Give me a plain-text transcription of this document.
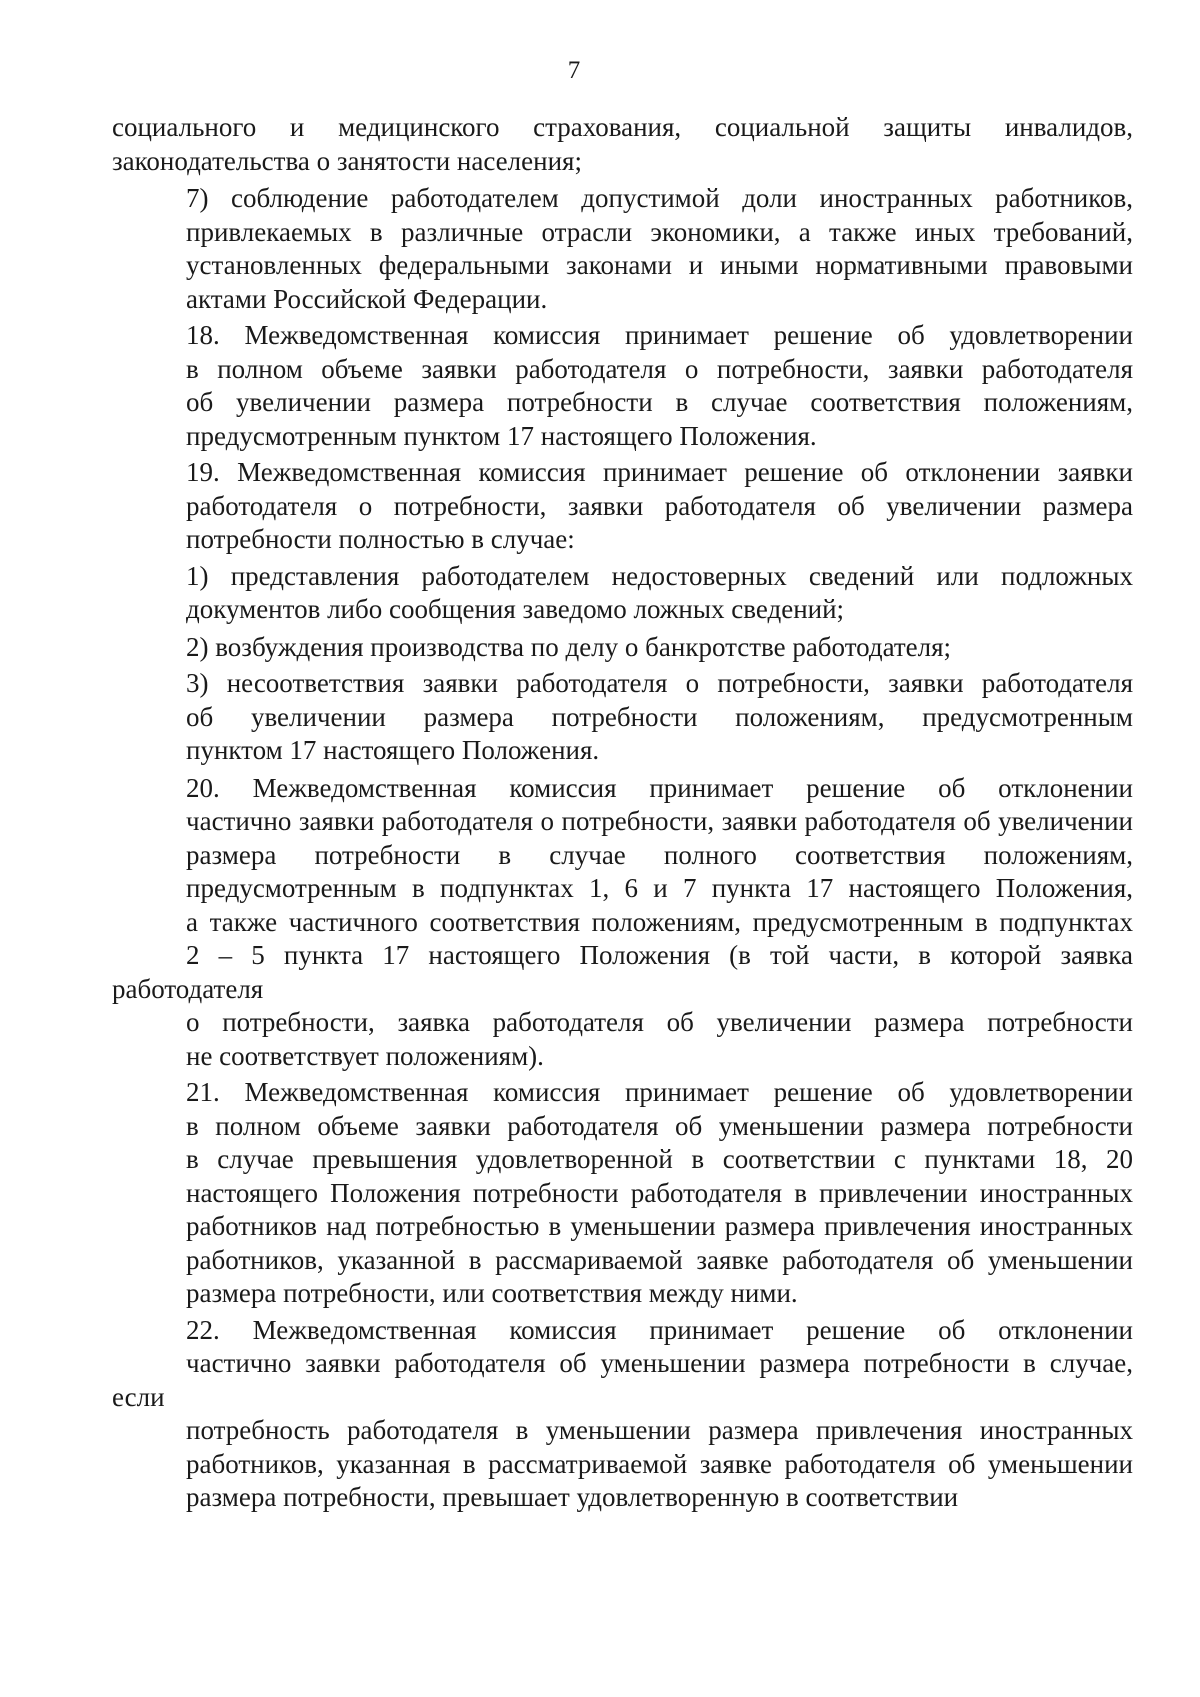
7

социального и медицинского страхования, социальной защиты инвалидов,
законодательства о занятости населения;

7) соблюдение работодателем допустимой доли иностранных работников,
привлекаемых в различные отрасли экономики, а также иных требований,
установленных федеральными законами и иными нормативными правовыми
актами Российской Федерации.

18. Межведомственная комиссия принимает решение об удовлетворении
в полном объеме заявки работодателя о потребности, заявки работодателя
об увеличении размера потребности в случае соответствия положениям,
предусмотренным пунктом 17 настоящего Положения.

19. Межведомственная комиссия принимает решение об отклонении заявки
работодателя о потребности, заявки работодателя об увеличении размера
потребности полностью в случае:

1) представления работодателем недостоверных сведений или подложных
документов либо сообщения заведомо ложных сведений;

2) возбуждения производства по делу о банкротстве работодателя;

3) несоответствия заявки работодателя о потребности, заявки работодателя
об увеличении размера потребности положениям, предусмотренным
пунктом 17 настоящего Положения.

20. Межведомственная комиссия принимает решение об отклонении
частично заявки работодателя о потребности, заявки работодателя об увеличении
размера потребности в случае полного соответствия положениям,
предусмотренным в подпунктах 1, 6 и 7 пункта 17 настоящего Положения,
а также частичного соответствия положениям, предусмотренным в подпунктах
2 – 5 пункта 17 настоящего Положения (в той части, в которой заявка работодателя
о потребности, заявка работодателя об увеличении размера потребности
не соответствует положениям).

21. Межведомственная комиссия принимает решение об удовлетворении
в полном объеме заявки работодателя об уменьшении размера потребности
в случае превышения удовлетворенной в соответствии с пунктами 18, 20
настоящего Положения потребности работодателя в привлечении иностранных
работников над потребностью в уменьшении размера привлечения иностранных
работников, указанной в рассмариваемой заявке работодателя об уменьшении
размера потребности, или соответствия между ними.

22. Межведомственная комиссия принимает решение об отклонении
частично заявки работодателя об уменьшении размера потребности в случае, если
потребность работодателя в уменьшении размера привлечения иностранных
работников, указанная в рассматриваемой заявке работодателя об уменьшении
размера потребности, превышает удовлетворенную в соответствии
